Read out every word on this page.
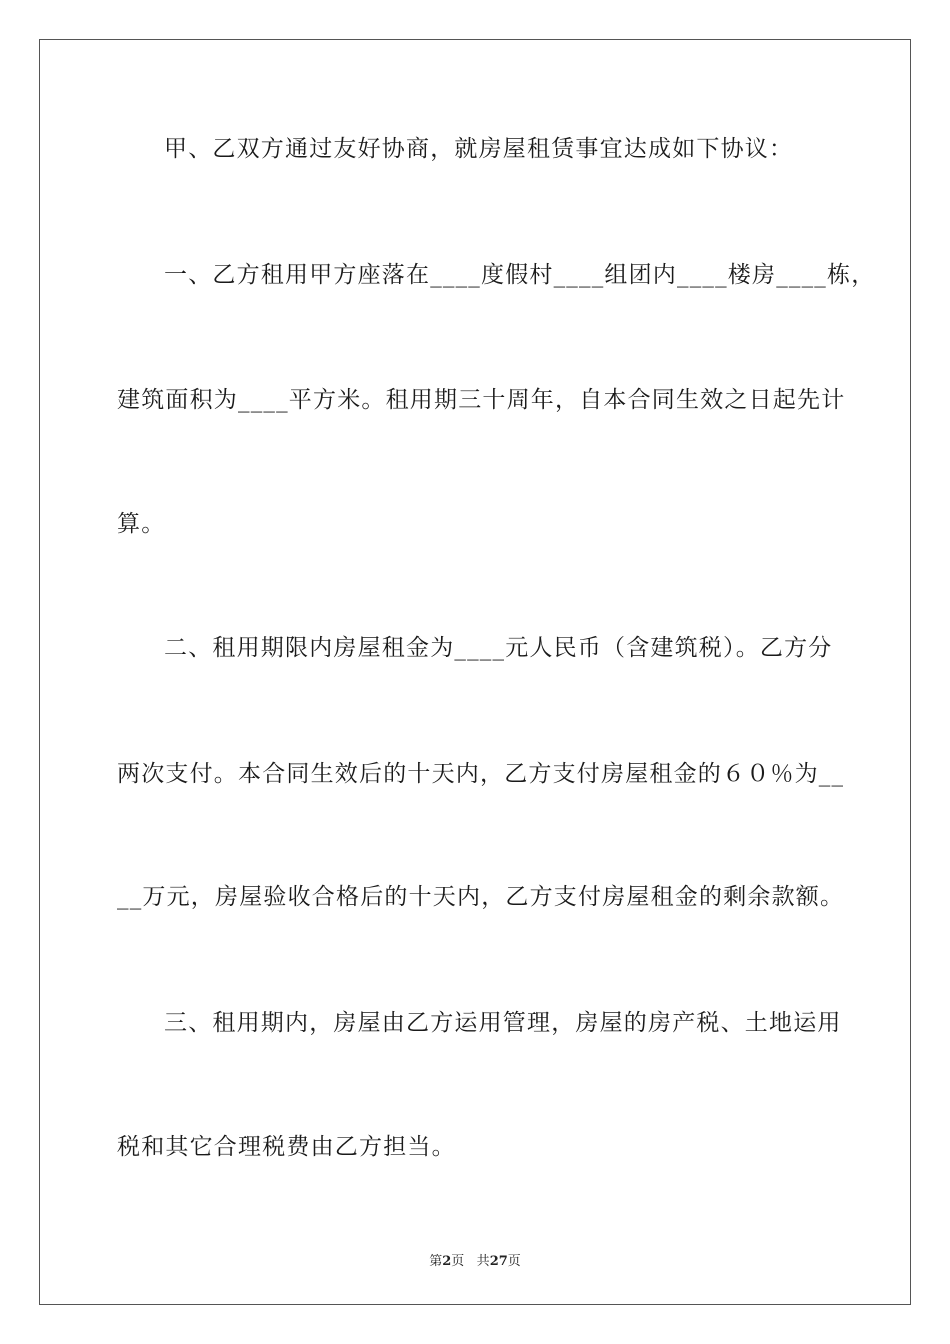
甲、乙双方通过友好协商，就房屋租赁事宜达成如下协议：
一、乙方租用甲方座落在____度假村____组团内____楼房____栋，
建筑面积为____平方米。租用期三十周年，自本合同生效之日起先计
算。
二、租用期限内房屋租金为____元人民币（含建筑税）。乙方分
两次支付。本合同生效后的十天内，乙方支付房屋租金的６０％为__
__万元，房屋验收合格后的十天内，乙方支付房屋租金的剩余款额。
三、租用期内，房屋由乙方运用管理，房屋的房产税、土地运用
税和其它合理税费由乙方担当。
第2页 共27页
